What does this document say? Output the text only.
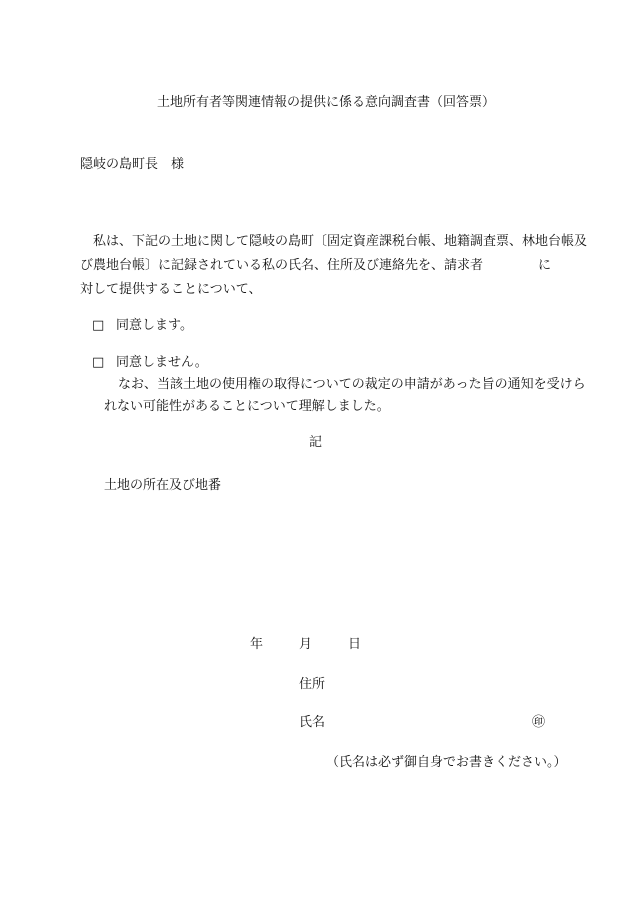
土地所有者等関連情報の提供に係る意向調査書（回答票）
隠岐の島町長　様
私は、下記の土地に関して隠岐の島町〔固定資産課税台帳、地籍調査票、林地台帳及
び農地台帳〕に記録されている私の氏名、住所及び連絡先を、請求者	に
対して提供することについて、
□ 同意します。
□ 同意しません。
なお、当該土地の使用権の取得についての裁定の申請があった旨の通知を受けら
れない可能性があることについて理解しました。
記
土地の所在及び地番
年	月	日
住所
氏名	㊞
（氏名は必ず御自身でお書きください。）
